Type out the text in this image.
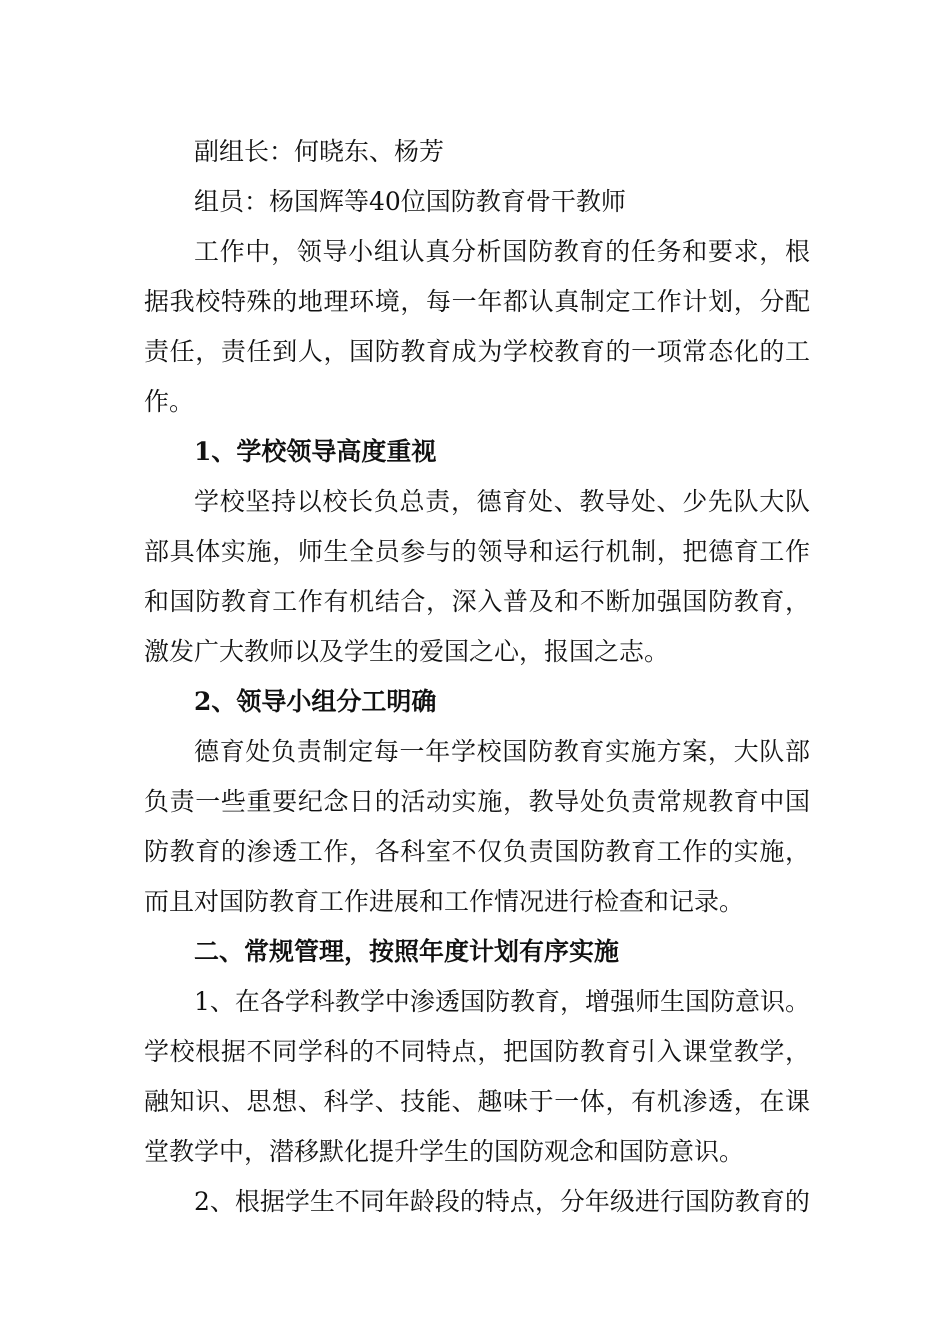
副组长：何晓东、杨芳

组员：杨国辉等40位国防教育骨干教师

工作中，领导小组认真分析国防教育的任务和要求，根据我校特殊的地理环境，每一年都认真制定工作计划，分配责任，责任到人，国防教育成为学校教育的一项常态化的工作。

1、学校领导高度重视

学校坚持以校长负总责，德育处、教导处、少先队大队部具体实施，师生全员参与的领导和运行机制，把德育工作和国防教育工作有机结合，深入普及和不断加强国防教育，激发广大教师以及学生的爱国之心，报国之志。

2、领导小组分工明确

德育处负责制定每一年学校国防教育实施方案，大队部负责一些重要纪念日的活动实施，教导处负责常规教育中国防教育的渗透工作，各科室不仅负责国防教育工作的实施，而且对国防教育工作进展和工作情况进行检查和记录。

二、常规管理，按照年度计划有序实施

1、在各学科教学中渗透国防教育，增强师生国防意识。学校根据不同学科的不同特点，把国防教育引入课堂教学，融知识、思想、科学、技能、趣味于一体，有机渗透，在课堂教学中，潜移默化提升学生的国防观念和国防意识。

2、根据学生不同年龄段的特点，分年级进行国防教育的
